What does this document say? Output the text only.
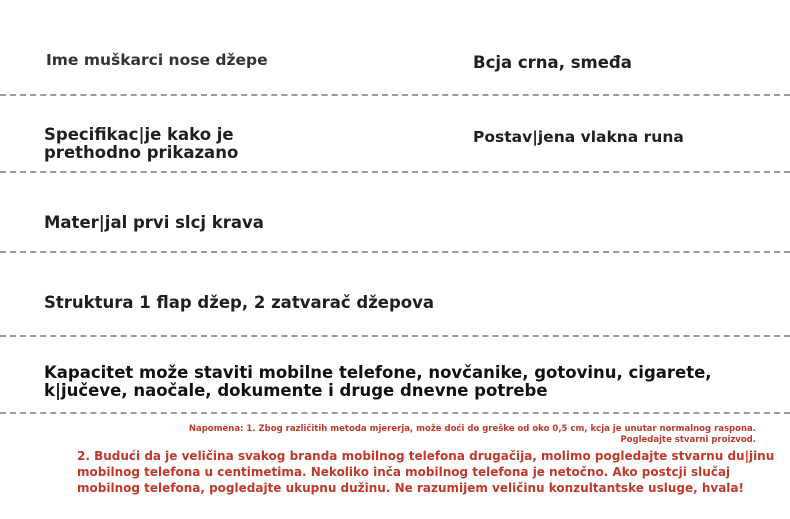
Ime muškarci nose džepe	Bcja crna, smeđa
Specifikac|je kako je
prethodno prikazano
Postav|jena vlakna runa
Mater|jal prvi slcj krava
Struktura 1 flap džep, 2 zatvarač džepova
Kapacitet može staviti mobilne telefone, novčanike, gotovinu, cigarete,
k|jučeve, naočale, dokumente i druge dnevne potrebe
Napomena: 1. Zbog različitih metoda mjererja, može doći do greške od oko 0,5 cm, kcja je unutar normalnog raspona.
Pogledajte stvarni proizvod.
2. Budući da je veličina svakog branda mobilnog telefona drugačija, molimo pogledajte stvarnu du|jinu
mobilnog telefona u centimetima. Nekoliko inča mobilnog telefona je netočno. Ako postcji slučaj
mobilnog telefona, pogledajte ukupnu dužinu. Ne razumijem veličinu konzultantske usluge, hvala!
